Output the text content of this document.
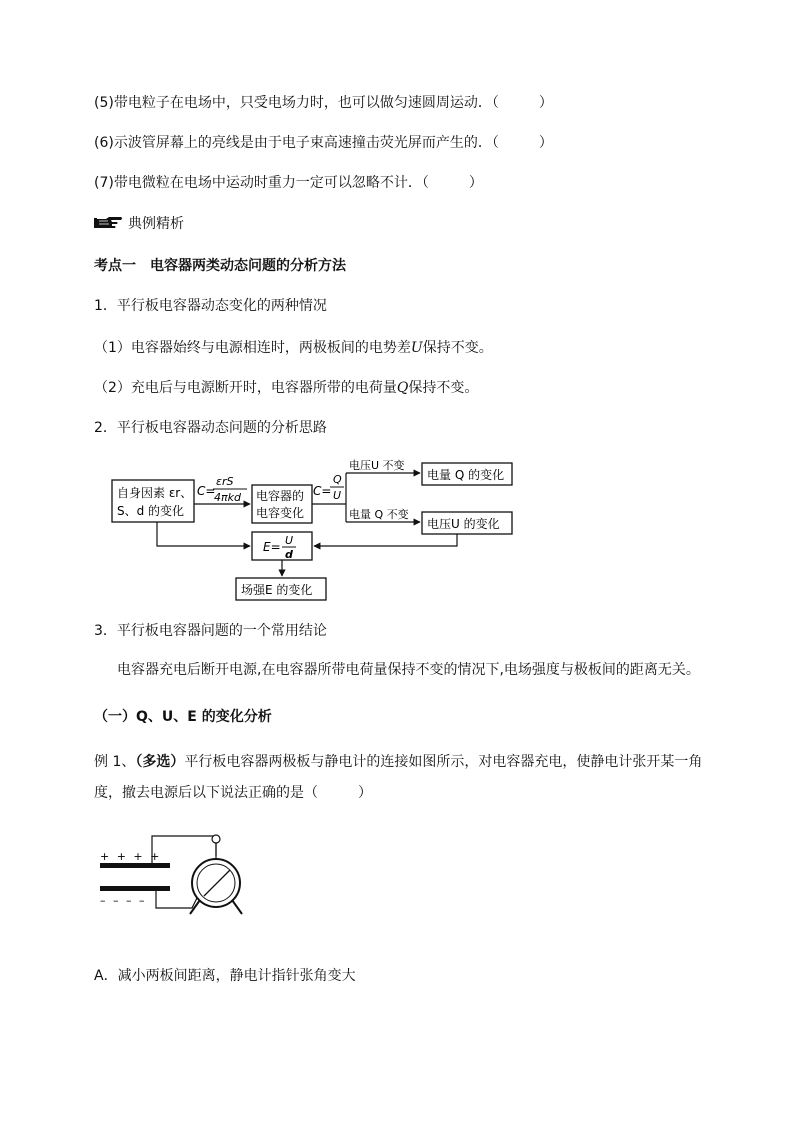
(5)带电粒子在电场中，只受电场力时，也可以做匀速圆周运动．（	）
(6)示波管屏幕上的亮线是由于电子束高速撞击荧光屏而产生的．（	）
(7)带电微粒在电场中运动时重力一定可以忽略不计．（	）
典例精析
考点一　电容器两类动态问题的分析方法
1．平行板电容器动态变化的两种情况
（1）电容器始终与电源相连时，两极板间的电势差U保持不变。
（2）充电后与电源断开时，电容器所带的电荷量Q保持不变。
2．平行板电容器动态问题的分析思路
自身因素 εr、
S、d 的变化
C=
εrS
4πkd 电容器的
电容变化
C=
Q
U
电压U 不变
电量 Q 不变
电量 Q 的变化
电压U 的变化
E= U
d
场强E 的变化
3．平行板电容器问题的一个常用结论
电容器充电后断开电源,在电容器所带电荷量保持不变的情况下,电场强度与极板间的距离无关。
（一）Q、U、E 的变化分析
例 1、（多选）平行板电容器两极板与静电计的连接如图所示，对电容器充电，使静电计张开某一角
度，撤去电源后以下说法正确的是（	）
+ + + +
– – – –
A．减小两板间距离，静电计指针张角变大
